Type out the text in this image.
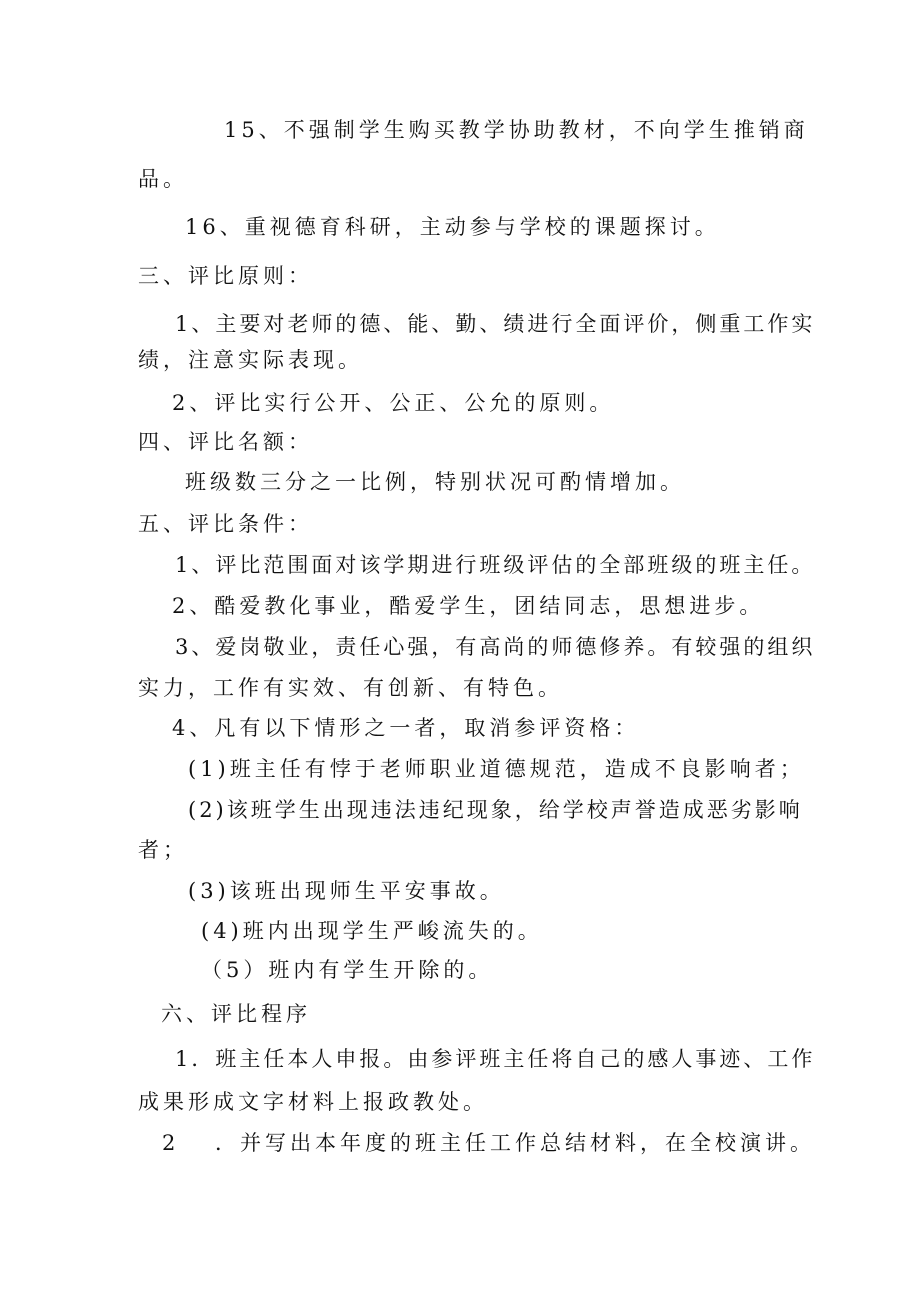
15、不强制学生购买教学协助教材，不向学生推销商
品。
16、重视德育科研，主动参与学校的课题探讨。
三、评比原则：
1、主要对老师的德、能、勤、绩进行全面评价，侧重工作实
绩，注意实际表现。
2、评比实行公开、公正、公允的原则。
四、评比名额：
班级数三分之一比例，特别状况可酌情增加。
五、评比条件：
1、评比范围面对该学期进行班级评估的全部班级的班主任。
2、酷爱教化事业，酷爱学生，团结同志，思想进步。
3、爱岗敬业，责任心强，有高尚的师德修养。有较强的组织
实力，工作有实效、有创新、有特色。
4、凡有以下情形之一者，取消参评资格：
(1)班主任有悖于老师职业道德规范，造成不良影响者；
(2)该班学生出现违法违纪现象，给学校声誉造成恶劣影响
者；
(3)该班出现师生平安事故。
(4)班内出现学生严峻流失的。
（5）班内有学生开除的。
六、评比程序
1．班主任本人申报。由参评班主任将自己的感人事迹、工作
成果形成文字材料上报政教处。
2　 ．并写出本年度的班主任工作总结材料，在全校演讲。
